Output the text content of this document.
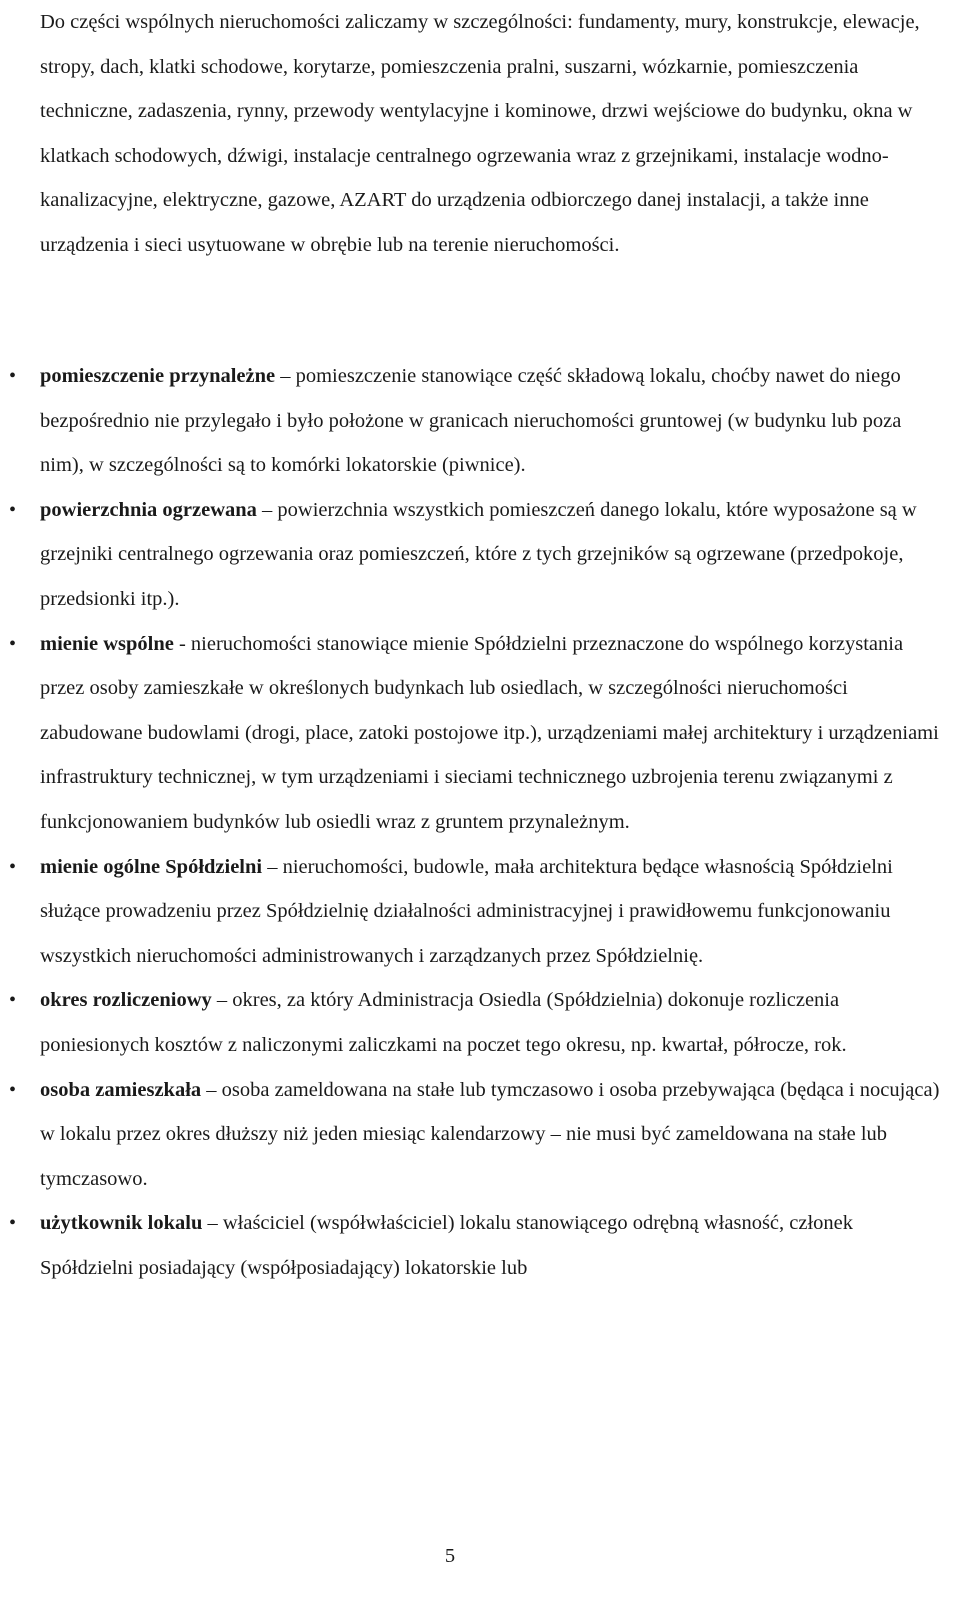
Do części wspólnych nieruchomości zaliczamy w szczególności: fundamenty, mury, konstrukcje, elewacje, stropy, dach, klatki schodowe, korytarze, pomieszczenia pralni, suszarni, wózkarnie, pomieszczenia techniczne, zadaszenia, rynny, przewody wentylacyjne i kominowe, drzwi wejściowe do budynku, okna w klatkach schodowych, dźwigi, instalacje centralnego ogrzewania wraz z grzejnikami, instalacje wodno-kanalizacyjne, elektryczne, gazowe, AZART do urządzenia odbiorczego danej instalacji, a także inne urządzenia i sieci usytuowane w obrębie lub na terenie nieruchomości.

• pomieszczenie przynależne – pomieszczenie stanowiące część składową lokalu, choćby nawet do niego bezpośrednio nie przylegało i było położone w granicach nieruchomości gruntowej (w budynku lub poza nim), w szczególności są to komórki lokatorskie (piwnice).
• powierzchnia ogrzewana – powierzchnia wszystkich pomieszczeń danego lokalu, które wyposażone są w grzejniki centralnego ogrzewania oraz pomieszczeń, które z tych grzejników są ogrzewane (przedpokoje, przedsionki itp.).
• mienie wspólne - nieruchomości stanowiące mienie Spółdzielni przeznaczone do wspólnego korzystania przez osoby zamieszkałe w określonych budynkach lub osiedlach, w szczególności nieruchomości zabudowane budowlami (drogi, place, zatoki postojowe itp.), urządzeniami małej architektury i urządzeniami infrastruktury technicznej, w tym urządzeniami i sieciami technicznego uzbrojenia terenu związanymi z funkcjonowaniem budynków lub osiedli wraz z gruntem przynależnym.
• mienie ogólne Spółdzielni – nieruchomości, budowle, mała architektura będące własnością Spółdzielni służące prowadzeniu przez Spółdzielnię działalności administracyjnej i prawidłowemu funkcjonowaniu wszystkich nieruchomości administrowanych i zarządzanych przez Spółdzielnię.
• okres rozliczeniowy – okres, za który Administracja Osiedla (Spółdzielnia) dokonuje rozliczenia poniesionych kosztów z naliczonymi zaliczkami na poczet tego okresu, np. kwartał, półrocze, rok.
• osoba zamieszkała – osoba zameldowana na stałe lub tymczasowo i osoba przebywająca (będąca i nocująca) w lokalu przez okres dłuższy niż jeden miesiąc kalendarzowy – nie musi być zameldowana na stałe lub tymczasowo.
• użytkownik lokalu – właściciel (współwłaściciel) lokalu stanowiącego odrębną własność, członek Spółdzielni posiadający (współposiadający) lokatorskie lub
5
